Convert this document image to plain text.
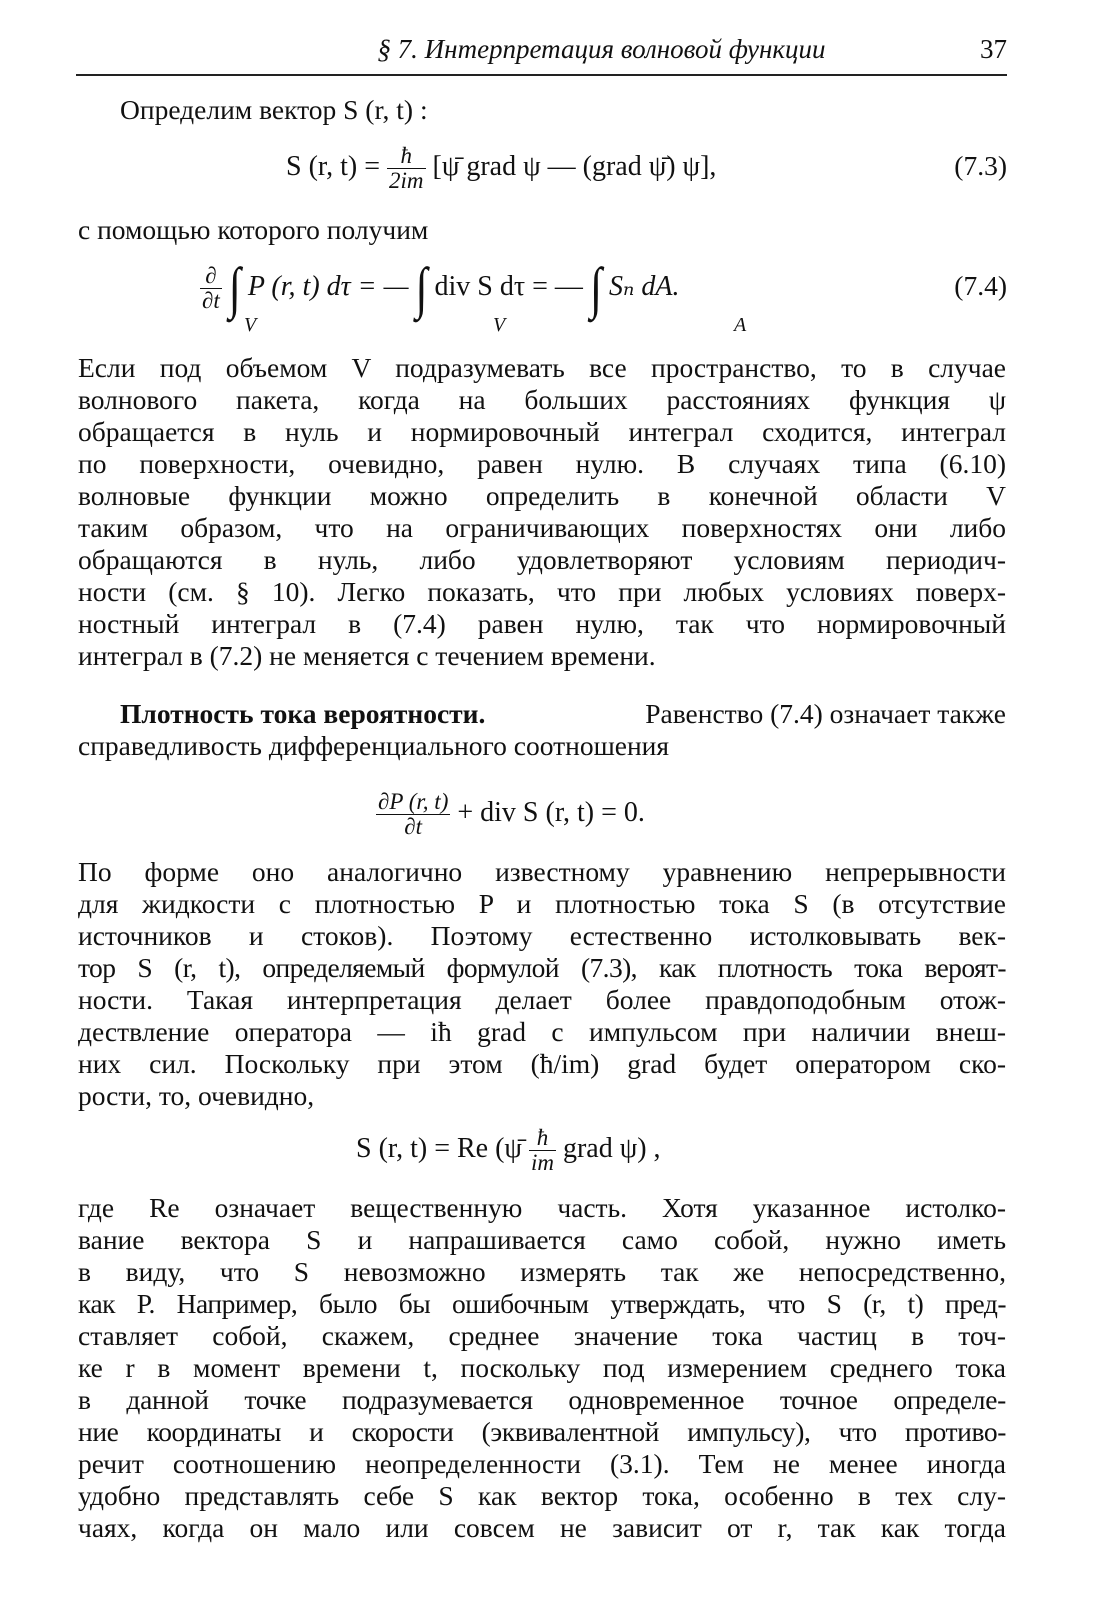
§ 7. Интерпретация волновой функции	37
Определим вектор S (r, t) :
S (r, $t) = \frac{ħ}{2im}$ [ψ̄ grad ψ — (grad ψ̄) ψ],	(7.3)
с помощью которого получим
$\frac{\partial}{\partial t}$ ∫ P (r, t) dτ = — ∫ div S dτ = — ∫ Sₙ dA.
V	V	A
(7.4)
Если под объемом V подразумевать все пространство, то в случае
волнового пакета, когда на больших расстояниях функция ψ
обращается в нуль и нормировочный интеграл сходится, интеграл
по поверхности, очевидно, равен нулю. В случаях типа (6.10)
волновые функции можно определить в конечной области V
таким образом, что на ограничивающих поверхностях они либо
обращаются в нуль, либо удовлетворяют условиям периодич-
ности (см. § 10). Легко показать, что при любых условиях поверх-
ностный интеграл в (7.4) равен нулю, так что нормировочный
интеграл в (7.2) не меняется с течением времени.
Плотность тока вероятности.	Равенство (7.4) означает также
справедливость дифференциального соотношения
$\frac{\partial P (r, t)}{\partial t}$ + div S (r, t) = 0.
По форме оно аналогично известному уравнению непрерывности
для жидкости с плотностью P и плотностью тока S (в отсутствие
источников и стоков). Поэтому естественно истолковывать век-
тор S (r, t), определяемый формулой (7.3), как плотность тока вероят-
ности. Такая интерпретация делает более правдоподобным отож-
дествление оператора — iħ grad с импульсом при наличии внеш-
них сил. Поскольку при этом (ħ/im) grad будет оператором ско-
рости, то, очевидно,
S (r, t) = Re (ψ̄ $\frac{ħ}{im}$ grad ψ) ,
где Re означает вещественную часть. Хотя указанное истолко-
вание вектора S и напрашивается само собой, нужно иметь
в виду, что S невозможно измерять так же непосредственно,
как P. Например, было бы ошибочным утверждать, что S (r, t) пред-
ставляет собой, скажем, среднее значение тока частиц в точ-
ке r в момент времени t, поскольку под измерением среднего тока
в данной точке подразумевается одновременное точное определе-
ние координаты и скорости (эквивалентной импульсу), что противо-
речит соотношению неопределенности (3.1). Тем не менее иногда
удобно представлять себе S как вектор тока, особенно в тех слу-
чаях, когда он мало или совсем не зависит от r, так как тогда
